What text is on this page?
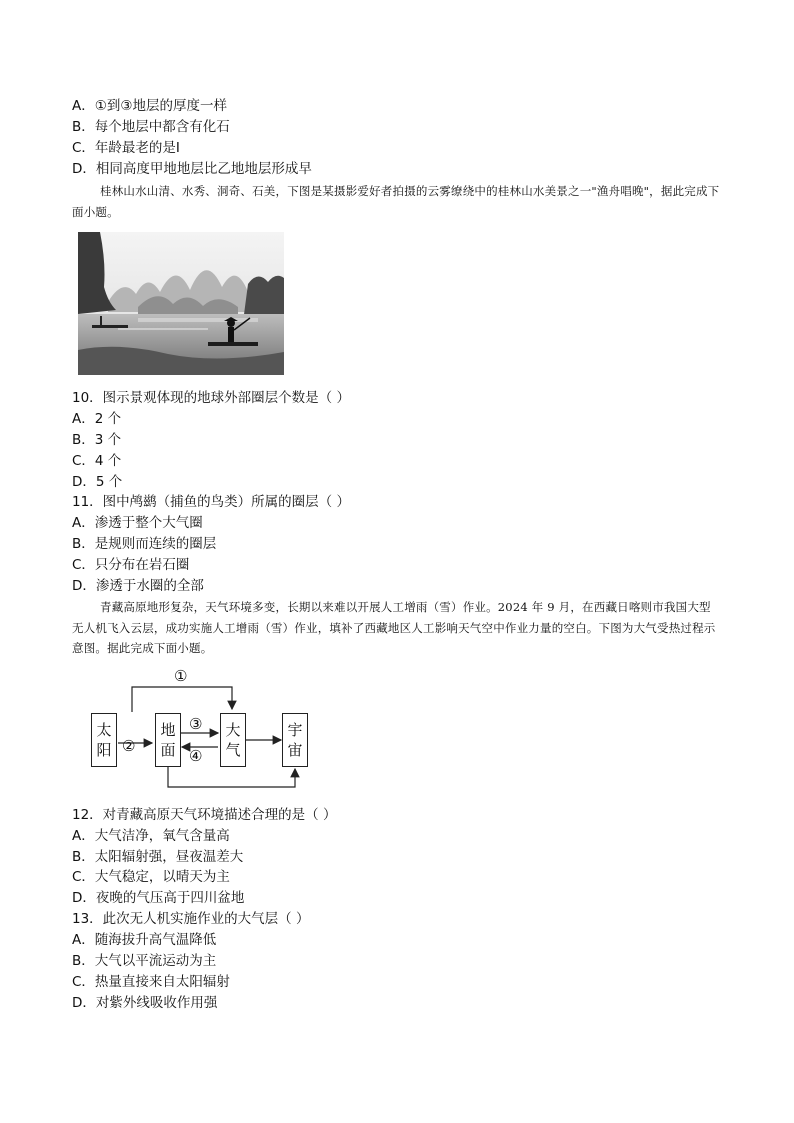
A．①到③地层的厚度一样
B．每个地层中都含有化石
C．年龄最老的是Ⅰ
D．相同高度甲地地层比乙地地层形成早
桂林山水山清、水秀、洞奇、石美，下图是某摄影爱好者拍摄的云雾缭绕中的桂林山水美景之一"渔舟唱晚"，据此完成下面小题。
10．图示景观体现的地球外部圈层个数是（ ）
A．2 个
B．3 个
C．4 个
D．5 个
11．图中鸬鹚（捕鱼的鸟类）所属的圈层（ ）
A．渗透于整个大气圈
B．是规则而连续的圈层
C．只分布在岩石圈
D．渗透于水圈的全部
青藏高原地形复杂，天气环境多变，长期以来难以开展人工增雨（雪）作业。2024 年 9 月，在西藏日喀则市我国大型无人机飞入云层，成功实施人工增雨（雪）作业，填补了西藏地区人工影响天气空中作业力量的空白。下图为大气受热过程示意图。据此完成下面小题。
太
阳
地
面
大
气
宇
宙
①
②
③
④
12．对青藏高原天气环境描述合理的是（ ）
A．大气洁净，氧气含量高
B．太阳辐射强，昼夜温差大
C．大气稳定，以晴天为主
D．夜晚的气压高于四川盆地
13．此次无人机实施作业的大气层（ ）
A．随海拔升高气温降低
B．大气以平流运动为主
C．热量直接来自太阳辐射
D．对紫外线吸收作用强
